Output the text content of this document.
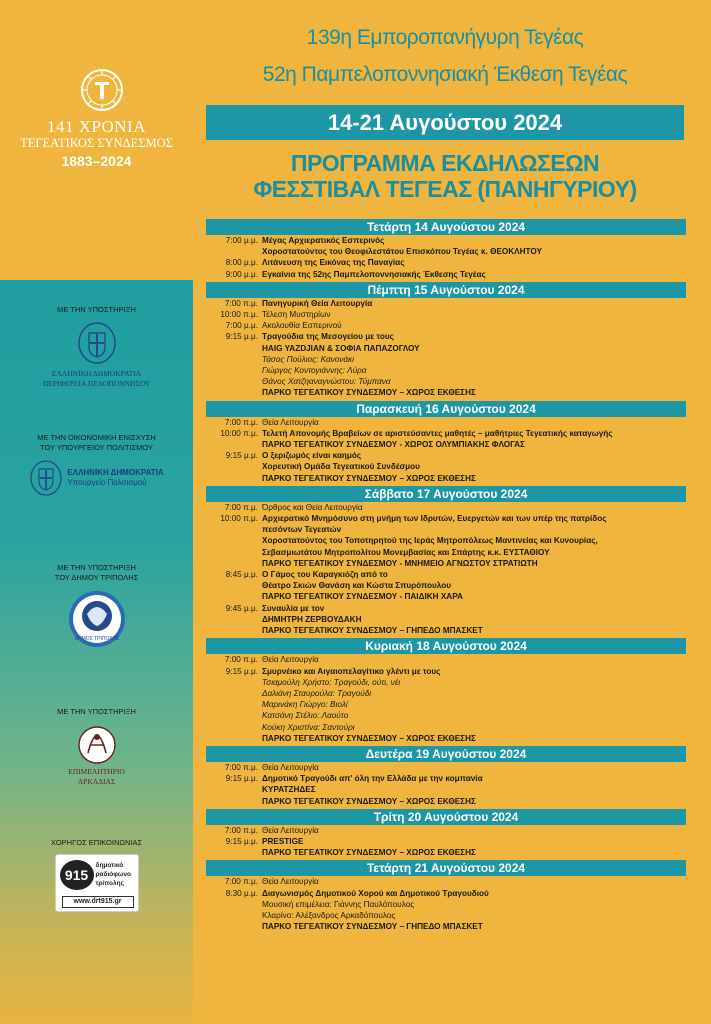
141 ΧΡΟΝΙΑ
ΤΕΓΕΑΤΙΚΟΣ ΣΥΝΔΕΣΜΟΣ
1883–2024
ΜΕ ΤΗΝ ΥΠΟΣΤΗΡΙΞΗ
ΕΛΛΗΝΙΚΗ ΔΗΜΟΚΡΑΤΙΑ
ΠΕΡΙΦΕΡΕΙΑ ΠΕΛΟΠΟΝΝΗΣΟΥ
ΜΕ ΤΗΝ ΟΙΚΟΝΟΜΙΚΗ ΕΝΙΣΧΥΣΗ
ΤΟΥ ΥΠΟΥΡΓΕΙΟΥ ΠΟΛΙΤΙΣΜΟΥ
ΕΛΛΗΝΙΚΗ ΔΗΜΟΚΡΑΤΙΑ
Υπουργείο Πολιτισμού
ΜΕ ΤΗΝ ΥΠΟΣΤΗΡΙΞΗ
ΤΟΥ ΔΗΜΟΥ ΤΡΙΠΟΛΗΣ
ΔΗΜΟΣ ΤΡΙΠΟΛΗΣ
ΜΕ ΤΗΝ ΥΠΟΣΤΗΡΙΞΗ
ΕΠΙΜΕΛΗΤΗΡΙΟ
ΑΡΚΑΔΙΑΣ
ΧΟΡΗΓΟΣ ΕΠΙΚΟΙΝΩΝΙΑΣ
915
δημοτικό
ραδιόφωνο
τρίπολης
www.drt915.gr
139η Εμποροπανήγυρη Τεγέας
52η Παμπελοποννησιακή Έκθεση Τεγέας
14-21 Αυγούστου 2024
ΠΡΟΓΡΑΜΜΑ ΕΚΔΗΛΩΣΕΩΝ
ΦΕΣΣΤΙΒΑΛ ΤΕΓΕΑΣ (ΠΑΝΗΓΥΡΙΟΥ)
Τετάρτη 14 Αυγούστου 2024
7:00 μ.μ. Μέγας Αρχιερατικός Εσπερινός
Χοροστατούντος του Θεοφιλεστάτου Επισκόπου Τεγέας κ. ΘΕΟΚΛΗΤΟΥ
8:00 μ.μ. Λιτάνευση της Εικόνας της Παναγίας
9:00 μ.μ. Εγκαίνια της 52ης Παμπελοποννησιακής Έκθεσης Τεγέας
Πέμπτη 15 Αυγούστου 2024
7:00 π.μ. Πανηγυρική Θεία Λειτουργία
10:00 π.μ. Τέλεση Μυστηρίων
7:00 μ.μ. Ακολουθία Εσπερινού
9:15 μ.μ. Τραγούδια της Μεσογείου με τους
HAIG YAZDJIAN & ΣΟΦΙΑ ΠΑΠΑΖΟΓΛΟΥ
Τάσος Πούλιος: Κανονάκι
Γιώργος Κοντογιάννης: Λύρα
Θάνος Χατζηαναγνώστου: Τύμπανα
ΠΑΡΚΟ ΤΕΓΕΑΤΙΚΟΥ ΣΥΝΔΕΣΜΟΥ – ΧΩΡΟΣ ΕΚΘΕΣΗΣ
Παρασκευή 16 Αυγούστου 2024
7:00 π.μ. Θεία Λειτουργία
10:00 π.μ. Τελετή Απονομής Βραβείων σε αριστεύσαντες μαθητές – μαθήτριες Τεγεατικής καταγωγής
ΠΑΡΚΟ ΤΕΓΕΑΤΙΚΟΥ ΣΥΝΔΕΣΜΟΥ - ΧΩΡΟΣ ΟΛΥΜΠΙΑΚΗΣ ΦΛΟΓΑΣ
9:15 μ.μ. Ο ξεριζωμός είναι καημός
Χορευτική Ομάδα Τεγεατικού Συνδέσμου
ΠΑΡΚΟ ΤΕΓΕΑΤΙΚΟΥ ΣΥΝΔΕΣΜΟΥ – ΧΩΡΟΣ ΕΚΘΕΣΗΣ
Σάββατο 17 Αυγούστου 2024
7:00 π.μ. Όρθρος και Θεία Λειτουργία
10:00 π.μ. Αρχιερατικό Μνημόσυνο στη μνήμη των Ιδρυτών, Ευεργετών και των υπέρ της πατρίδος
πεσόντων Τεγεατών
Χοροστατούντος του Τοποτηρητού της Ιεράς Μητροπόλεως Μαντινείας και Κυνουρίας,
Σεβασμιωτάτου Μητροπολίτου Μονεμβασίας και Σπάρτης κ.κ. ΕΥΣΤΑΘΙΟΥ
ΠΑΡΚΟ ΤΕΓΕΑΤΙΚΟΥ ΣΥΝΔΕΣΜΟΥ - ΜΝΗΜΕΙΟ ΑΓΝΩΣΤΟΥ ΣΤΡΑΤΙΩΤΗ
8:45 μ.μ. Ο Γάμος του Καραγκιόζη από το
Θέατρο Σκιών Θανάση και Κώστα Σπυρόπουλου
ΠΑΡΚΟ ΤΕΓΕΑΤΙΚΟΥ ΣΥΝΔΕΣΜΟΥ - ΠΑΙΔΙΚΗ ΧΑΡΑ
9:45 μ.μ. Συναυλία με τον
ΔΗΜΗΤΡΗ ΖΕΡΒΟΥΔΑΚΗ
ΠΑΡΚΟ ΤΕΓΕΑΤΙΚΟΥ ΣΥΝΔΕΣΜΟΥ – ΓΗΠΕΔΟ ΜΠΑΣΚΕΤ
Κυριακή 18 Αυγούστου 2024
7:00 π.μ. Θεία Λειτουργία
9:15 μ.μ. Σμυρνέικο και Αιγαιοπελαγίτικο γλέντι με τους
Τσιαμούλη Χρήστο: Τραγούδι, ούτι, νέι
Δαλιάνη Σταυρούλα: Τραγούδι
Μαρινάκη Γιώργο: Βιολί
Κατσάνη Στέλιο: Λαούτο
Κούκη Χριστίνα: Σαντούρι
ΠΑΡΚΟ ΤΕΓΕΑΤΙΚΟΥ ΣΥΝΔΕΣΜΟΥ – ΧΩΡΟΣ ΕΚΘΕΣΗΣ
Δευτέρα 19 Αυγούστου 2024
7:00 π.μ. Θεία Λειτουργία
9:15 μ.μ. Δημοτικό Τραγούδι απ' όλη την Ελλάδα με την κομπανία
ΚΥΡΑΤΖΗΔΕΣ
ΠΑΡΚΟ ΤΕΓΕΑΤΙΚΟΥ ΣΥΝΔΕΣΜΟΥ – ΧΩΡΟΣ ΕΚΘΕΣΗΣ
Τρίτη 20 Αυγούστου 2024
7:00 π.μ. Θεία Λειτουργία
9:15 μ.μ. PRESTIGE
ΠΑΡΚΟ ΤΕΓΕΑΤΙΚΟΥ ΣΥΝΔΕΣΜΟΥ – ΧΩΡΟΣ ΕΚΘΕΣΗΣ
Τετάρτη 21 Αυγούστου 2024
7:00 π.μ. Θεία Λειτουργία
8:30 μ.μ. Διαγωνισμός Δημοτικού Χορού και Δημοτικού Τραγουδιού
Μουσική επιμέλεια: Γιάννης Παυλόπουλος
Κλαρίνο: Αλέξανδρος Αρκαδόπουλος
ΠΑΡΚΟ ΤΕΓΕΑΤΙΚΟΥ ΣΥΝΔΕΣΜΟΥ – ΓΗΠΕΔΟ ΜΠΑΣΚΕΤ
